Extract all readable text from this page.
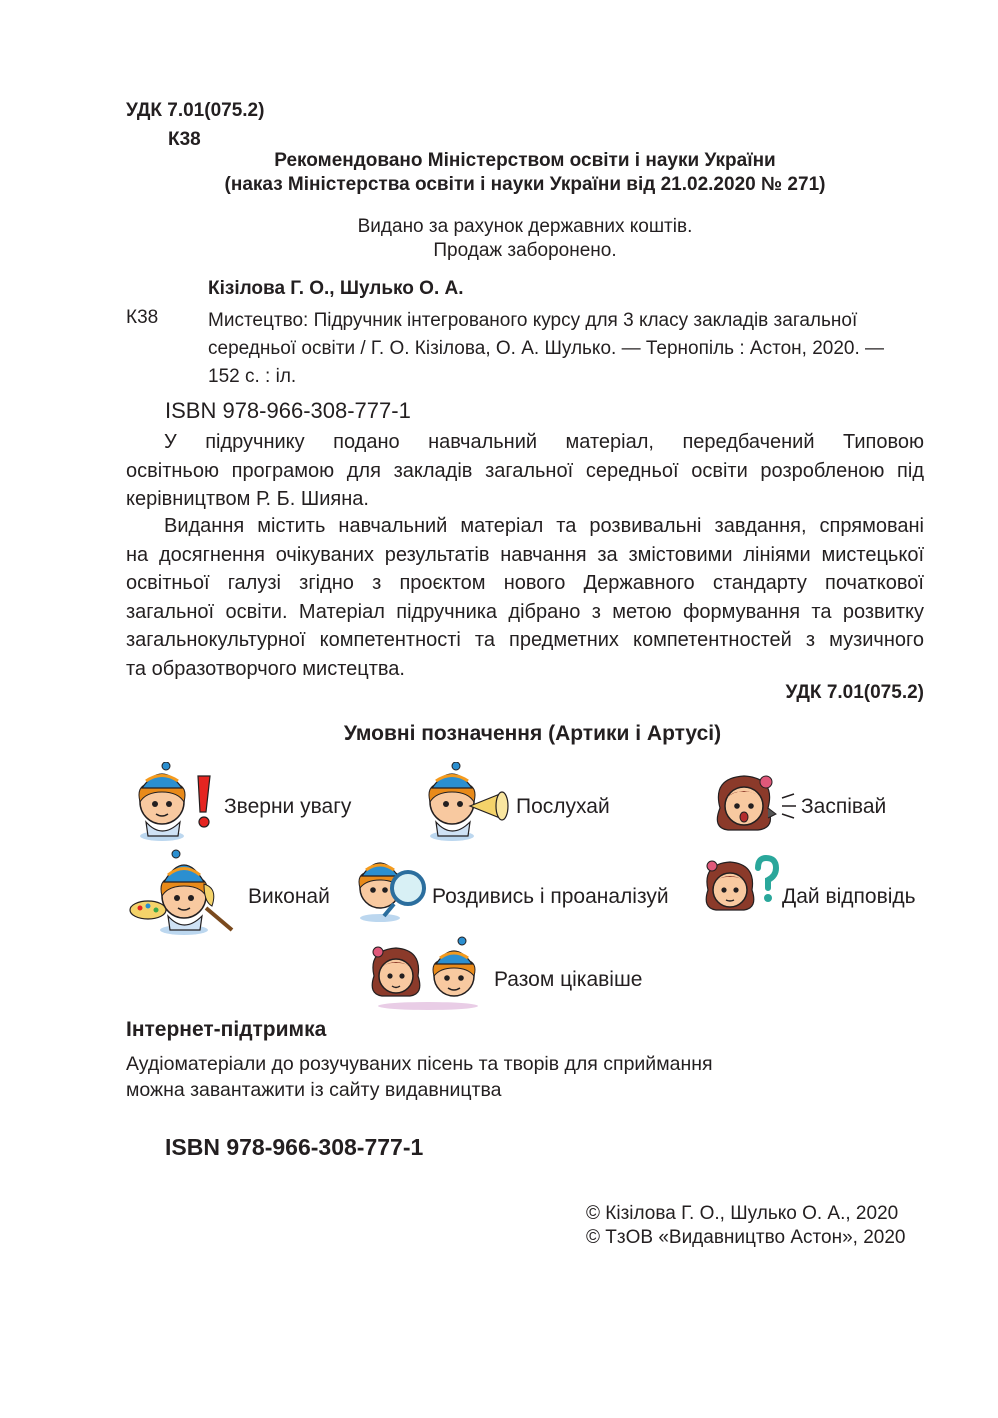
УДК 7.01(075.2)
К38
Рекомендовано Міністерством освіти і науки України
(наказ Міністерства освіти і науки України від 21.02.2020 № 271)
Видано за рахунок державних коштів.
Продаж заборонено.
Кізілова Г. О., Шулько О. А.
К38	Мистецтво: Підручник інтегрованого курсу для 3 класу закладів загальної
середньої освіти / Г. О. Кізілова, О. А. Шулько. — Тернопіль : Астон, 2020. —
152 с. : іл.
ISBN 978-966-308-777-1
У підручнику подано навчальний матеріал, передбачений Типовою
освітньою програмою для закладів загальної середньої освіти розробленою під
керівництвом Р. Б. Шияна.
Видання містить навчальний матеріал та розвивальні завдання, спрямовані
на досягнення очікуваних результатів навчання за змістовими лініями мистецької
освітньої галузі згідно з проєктом нового Державного стандарту початкової
загальної освіти. Матеріал підручника дібрано з метою формування та розвитку
загальнокультурної компетентності та предметних компетентностей з музичного
та образотворчого мистецтва.
УДК 7.01(075.2)
Умовні позначення (Артики і Артусі)
Зверни увагу	Послухай	Заспівай
Виконай	Роздивись і проаналізуй	Дай відповідь
Разом цікавіше
Інтернет-підтримка
Аудіоматеріали до розучуваних пісень та творів для сприймання
можна завантажити із сайту видавництва
ISBN 978-966-308-777-1
© Кізілова Г. О., Шулько О. А., 2020
© ТзОВ «Видавництво Астон», 2020
